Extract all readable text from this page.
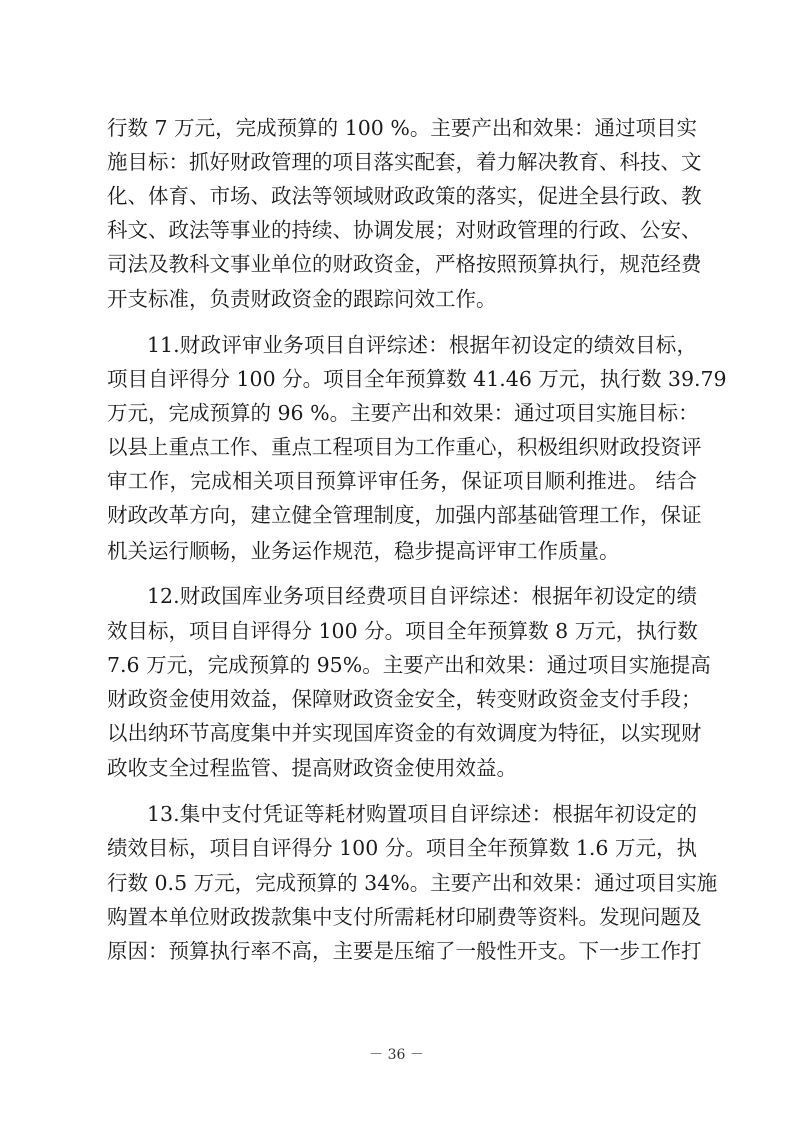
行数 7 万元，完成预算的 100 %。主要产出和效果：通过项目实
施目标：抓好财政管理的项目落实配套，着力解决教育、科技、文
化、体育、市场、政法等领域财政政策的落实，促进全县行政、教
科文、政法等事业的持续、协调发展；对财政管理的行政、公安、
司法及教科文事业单位的财政资金，严格按照预算执行，规范经费
开支标准，负责财政资金的跟踪问效工作。
11.财政评审业务项目自评综述：根据年初设定的绩效目标，
项目自评得分 100 分。项目全年预算数 41.46 万元，执行数 39.79
万元，完成预算的 96 %。主要产出和效果：通过项目实施目标：
以县上重点工作、重点工程项目为工作重心，积极组织财政投资评
审工作，完成相关项目预算评审任务，保证项目顺利推进。 结合
财政改革方向，建立健全管理制度，加强内部基础管理工作，保证
机关运行顺畅，业务运作规范，稳步提高评审工作质量。
12.财政国库业务项目经费项目自评综述：根据年初设定的绩
效目标，项目自评得分 100 分。项目全年预算数 8 万元，执行数
7.6 万元，完成预算的 95%。主要产出和效果：通过项目实施提高
财政资金使用效益，保障财政资金安全，转变财政资金支付手段；
以出纳环节高度集中并实现国库资金的有效调度为特征，以实现财
政收支全过程监管、提高财政资金使用效益。
13.集中支付凭证等耗材购置项目自评综述：根据年初设定的
绩效目标，项目自评得分 100 分。项目全年预算数 1.6 万元，执
行数 0.5 万元，完成预算的 34%。主要产出和效果：通过项目实施
购置本单位财政拨款集中支付所需耗材印刷费等资料。发现问题及
原因：预算执行率不高，主要是压缩了一般性开支。下一步工作打
－ 36 －
